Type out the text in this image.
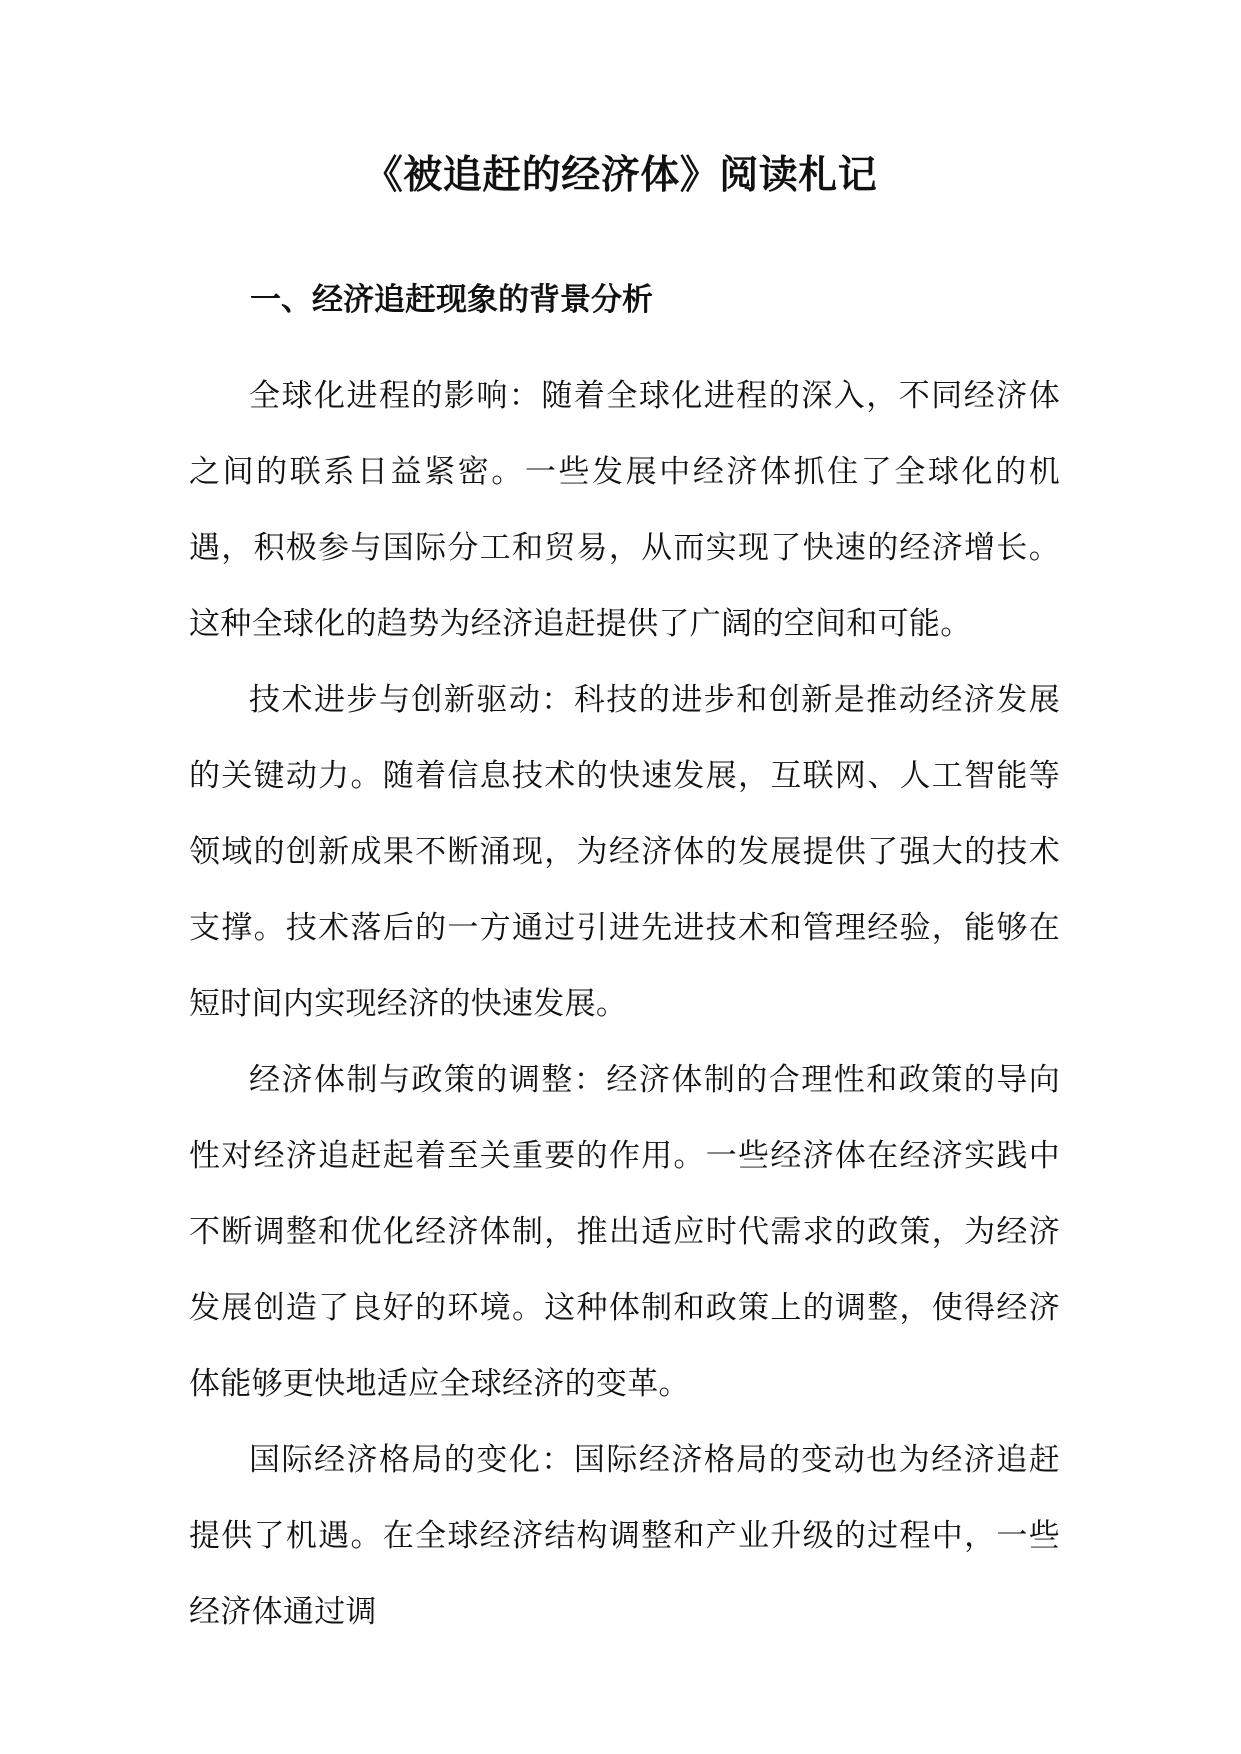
《被追赶的经济体》阅读札记
一、经济追赶现象的背景分析

全球化进程的影响：随着全球化进程的深入，不同经济体之间的联系日益紧密。一些发展中经济体抓住了全球化的机遇，积极参与国际分工和贸易，从而实现了快速的经济增长。这种全球化的趋势为经济追赶提供了广阔的空间和可能。

技术进步与创新驱动：科技的进步和创新是推动经济发展的关键动力。随着信息技术的快速发展，互联网、人工智能等领域的创新成果不断涌现，为经济体的发展提供了强大的技术支撑。技术落后的一方通过引进先进技术和管理经验，能够在短时间内实现经济的快速发展。

经济体制与政策的调整：经济体制的合理性和政策的导向性对经济追赶起着至关重要的作用。一些经济体在经济实践中不断调整和优化经济体制，推出适应时代需求的政策，为经济发展创造了良好的环境。这种体制和政策上的调整，使得经济体能够更快地适应全球经济的变革。

国际经济格局的变化：国际经济格局的变动也为经济追赶提供了机遇。在全球经济结构调整和产业升级的过程中，一些经济体通过调
